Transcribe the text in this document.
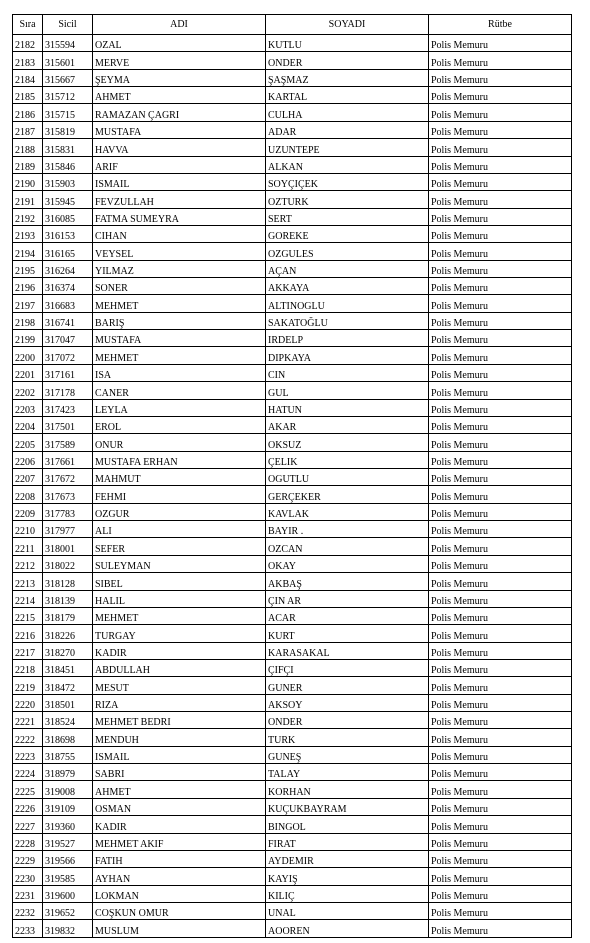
Sıra	Sicil	ADI	SOYADI	Rütbe
2182	315594	OZAL	KUTLU	Polis Memuru
2183	315601	MERVE	ONDER	Polis Memuru
2184	315667	ŞEYMA	ŞAŞMAZ	Polis Memuru
2185	315712	AHMET	KARTAL	Polis Memuru
2186	315715	RAMAZAN ÇAGRI	CULHA	Polis Memuru
2187	315819	MUSTAFA	ADAR	Polis Memuru
2188	315831	HAVVA	UZUNTEPE	Polis Memuru
2189	315846	ARIF	ALKAN	Polis Memuru
2190	315903	ISMAIL	SOYÇIÇEK	Polis Memuru
2191	315945	FEVZULLAH	OZTURK	Polis Memuru
2192	316085	FATMA SUMEYRA	SERT	Polis Memuru
2193	316153	CIHAN	GOREKE	Polis Memuru
2194	316165	VEYSEL	OZGULES	Polis Memuru
2195	316264	YILMAZ	AÇAN	Polis Memuru
2196	316374	SONER	AKKAYA	Polis Memuru
2197	316683	MEHMET	ALTINOGLU	Polis Memuru
2198	316741	BARIŞ	SAKATOĞLU	Polis Memuru
2199	317047	MUSTAFA	IRDELP	Polis Memuru
2200	317072	MEHMET	DIPKAYA	Polis Memuru
2201	317161	ISA	CIN	Polis Memuru
2202	317178	CANER	GUL	Polis Memuru
2203	317423	LEYLA	HATUN	Polis Memuru
2204	317501	EROL	AKAR	Polis Memuru
2205	317589	ONUR	OKSUZ	Polis Memuru
2206	317661	MUSTAFA ERHAN	ÇELIK	Polis Memuru
2207	317672	MAHMUT	OGUTLU	Polis Memuru
2208	317673	FEHMI	GERÇEKER	Polis Memuru
2209	317783	OZGUR	KAVLAK	Polis Memuru
2210	317977	ALI	BAYIR .	Polis Memuru
2211	318001	SEFER	OZCAN	Polis Memuru
2212	318022	SULEYMAN	OKAY	Polis Memuru
2213	318128	SIBEL	AKBAŞ	Polis Memuru
2214	318139	HALIL	ÇIN AR	Polis Memuru
2215	318179	MEHMET	ACAR	Polis Memuru
2216	318226	TURGAY	KURT	Polis Memuru
2217	318270	KADIR	KARASAKAL	Polis Memuru
2218	318451	ABDULLAH	ÇIFÇI	Polis Memuru
2219	318472	MESUT	GUNER	Polis Memuru
2220	318501	RIZA	AKSOY	Polis Memuru
2221	318524	MEHMET BEDRI	ONDER	Polis Memuru
2222	318698	MENDUH	TURK	Polis Memuru
2223	318755	ISMAIL	GUNEŞ	Polis Memuru
2224	318979	SABRI	TALAY	Polis Memuru
2225	319008	AHMET	KORHAN	Polis Memuru
2226	319109	OSMAN	KUÇUKBAYRAM	Polis Memuru
2227	319360	KADIR	BINGOL	Polis Memuru
2228	319527	MEHMET AKIF	FIRAT	Polis Memuru
2229	319566	FATIH	AYDEMIR	Polis Memuru
2230	319585	AYHAN	KAYIŞ	Polis Memuru
2231	319600	LOKMAN	KILIÇ	Polis Memuru
2232	319652	COŞKUN OMUR	UNAL	Polis Memuru
2233	319832	MUSLUM	AOOREN	Polis Memuru
